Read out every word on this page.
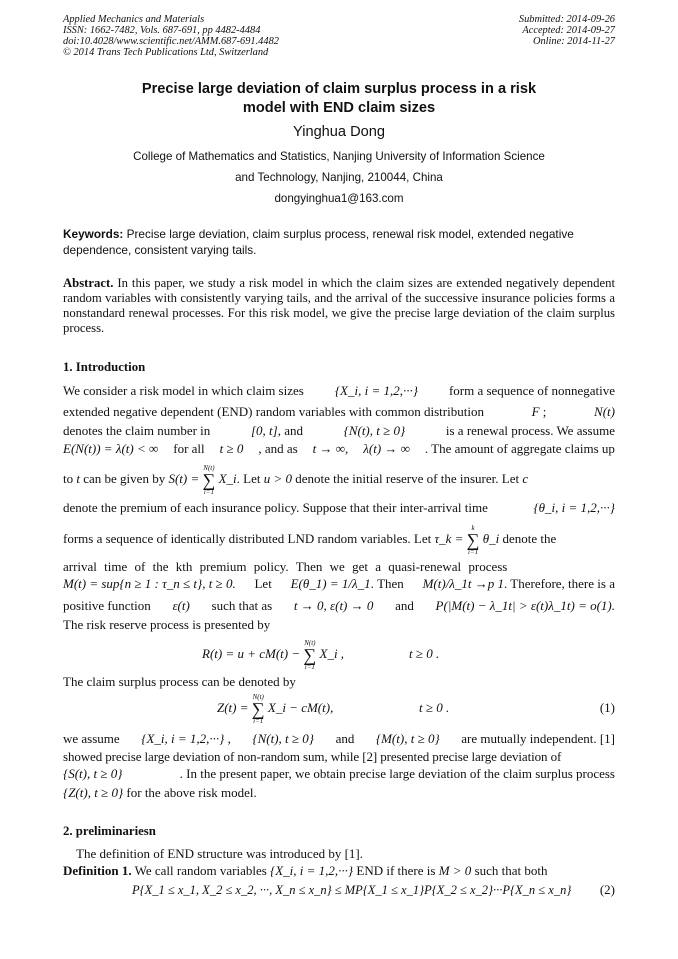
Applied Mechanics and Materials
ISSN: 1662-7482, Vols. 687-691, pp 4482-4484
doi:10.4028/www.scientific.net/AMM.687-691.4482
© 2014 Trans Tech Publications Ltd, Switzerland
Submitted: 2014-09-26
Accepted: 2014-09-27
Online: 2014-11-27
Precise large deviation of claim surplus process in a risk
model with END claim sizes
Yinghua Dong
College of Mathematics and Statistics, Nanjing University of Information Science
and Technology, Nanjing, 210044, China
dongyinghua1@163.com
Keywords: Precise large deviation, claim surplus process, renewal risk model, extended negative dependence, consistent varying tails.
Abstract. In this paper, we study a risk model in which the claim sizes are extended negatively dependent random variables with consistently varying tails, and the arrival of the successive insurance policies forms a nonstandard renewal processes. For this risk model, we give the precise large deviation of the claim surplus process.
1. Introduction
We consider a risk model in which claim sizes {X_i, i = 1,2,···} form a sequence of nonnegative
extended negative dependent (END) random variables with common distribution	F ;	N(t)
denotes the claim number in	[0, t], and	{N(t), t ≥ 0}	is a renewal process. We assume
E(N(t)) = λ(t) < ∞ for all t ≥ 0 , and as t → ∞, λ(t) → ∞ . The amount of aggregate claims up
to t can be given by S(t) = N(t)
∑
i=1 X_i. Let u > 0 denote the initial reserve of the insurer. Let c
denote the premium of each insurance policy. Suppose that their inter-arrival time	{θ_i, i = 1,2,···}
forms a sequence of identically distributed LND random variables. Let τ_k = k
∑
i=1 θ_i denote the
arrival time of the kth premium policy. Then we get a quasi-renewal process
M(t) = sup{n ≥ 1 : τ_n ≤ t}, t ≥ 0. Let E(θ_1) = 1/λ_1. Then M(t)/λ_1t →p 1. Therefore, there is a
positive function ε(t) such that as t → 0, ε(t) → 0 and P(|M(t) − λ_1t| > ε(t)λ_1t) = o(1).
The risk reserve process is presented by
R(t) = u + cM(t) − N(t)
∑
i=1 X_i ,	t ≥ 0 .
The claim surplus process can be denoted by
Z(t) = N(t)
∑
i=1 X_i − cM(t),	t ≥ 0 .	(1)
we assume {X_i, i = 1,2,···} , {N(t), t ≥ 0} and {M(t), t ≥ 0} are mutually independent. [1]
showed precise large deviation of non-random sum, while [2] presented precise large deviation of
{S(t), t ≥ 0}	. In the present paper, we obtain precise large deviation of the claim surplus process
{Z(t), t ≥ 0} for the above risk model.
2. preliminariesn
The definition of END structure was introduced by [1].
Definition 1. We call random variables {X_i, i = 1,2,···} END if there is M > 0 such that both
P{X_1 ≤ x_1, X_2 ≤ x_2, ···, X_n ≤ x_n} ≤ MP{X_1 ≤ x_1}P{X_2 ≤ x_2}···P{X_n ≤ x_n} (2)
